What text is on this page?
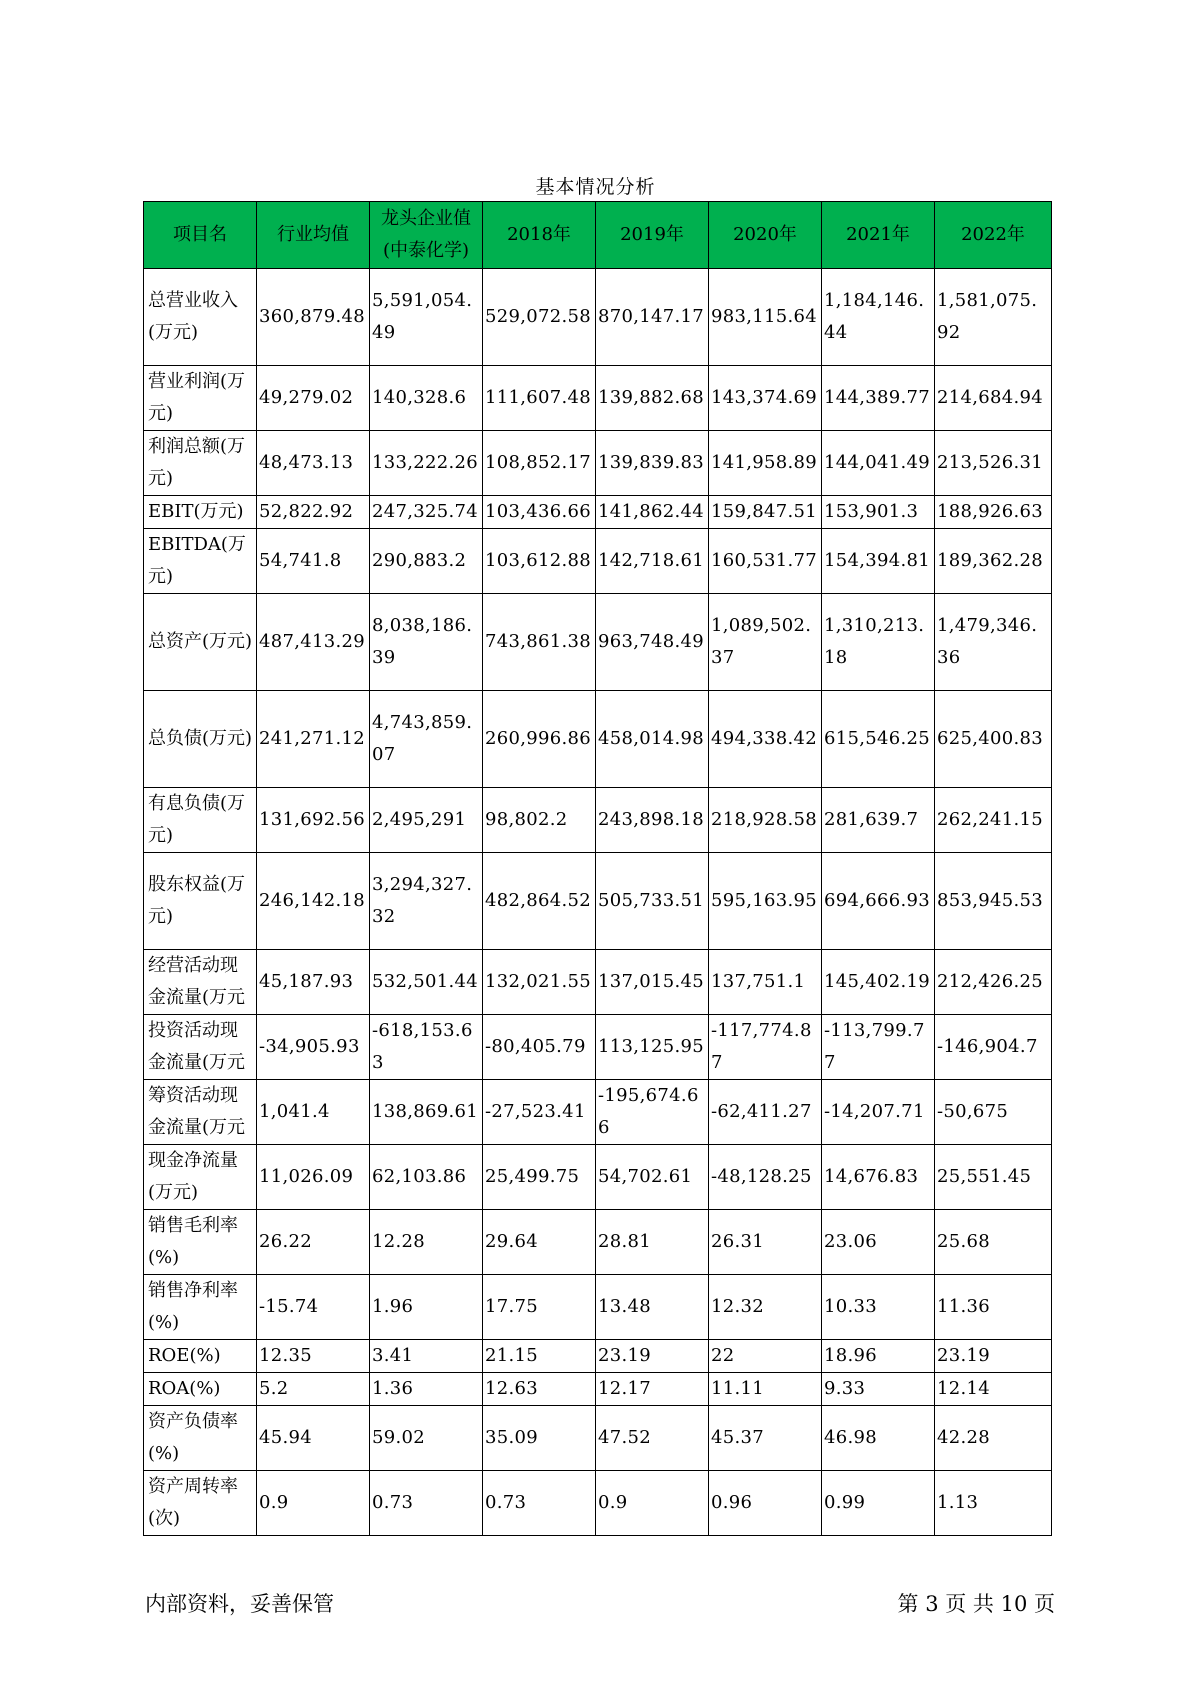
基本情况分析
项目名	行业均值	龙头企业值(中泰化学)	2018年	2019年	2020年	2021年	2022年
总营业收入(万元)	360,879.48	5,591,054.49	529,072.58	870,147.17	983,115.64	1,184,146.44	1,581,075.92
营业利润(万元)	49,279.02	140,328.6	111,607.48	139,882.68	143,374.69	144,389.77	214,684.94
利润总额(万元)	48,473.13	133,222.26	108,852.17	139,839.83	141,958.89	144,041.49	213,526.31
EBIT(万元)	52,822.92	247,325.74	103,436.66	141,862.44	159,847.51	153,901.3	188,926.63
EBITDA(万元)	54,741.8	290,883.2	103,612.88	142,718.61	160,531.77	154,394.81	189,362.28
总资产(万元)	487,413.29	8,038,186.39	743,861.38	963,748.49	1,089,502.37	1,310,213.18	1,479,346.36
总负债(万元)	241,271.12	4,743,859.07	260,996.86	458,014.98	494,338.42	615,546.25	625,400.83
有息负债(万元)	131,692.56	2,495,291	98,802.2	243,898.18	218,928.58	281,639.7	262,241.15
股东权益(万元)	246,142.18	3,294,327.32	482,864.52	505,733.51	595,163.95	694,666.93	853,945.53
经营活动现金流量(万元	45,187.93	532,501.44	132,021.55	137,015.45	137,751.1	145,402.19	212,426.25
投资活动现金流量(万元	-34,905.93	-618,153.63	-80,405.79	113,125.95	-117,774.87	-113,799.77	-146,904.7
筹资活动现金流量(万元	1,041.4	138,869.61	-27,523.41	-195,674.66	-62,411.27	-14,207.71	-50,675
现金净流量(万元)	11,026.09	62,103.86	25,499.75	54,702.61	-48,128.25	14,676.83	25,551.45
销售毛利率(%)	26.22	12.28	29.64	28.81	26.31	23.06	25.68
销售净利率(%)	-15.74	1.96	17.75	13.48	12.32	10.33	11.36
ROE(%)	12.35	3.41	21.15	23.19	22	18.96	23.19
ROA(%)	5.2	1.36	12.63	12.17	11.11	9.33	12.14
资产负债率(%)	45.94	59.02	35.09	47.52	45.37	46.98	42.28
资产周转率(次)	0.9	0.73	0.73	0.9	0.96	0.99	1.13
内部资料，妥善保管	第 3 页 共 10 页
